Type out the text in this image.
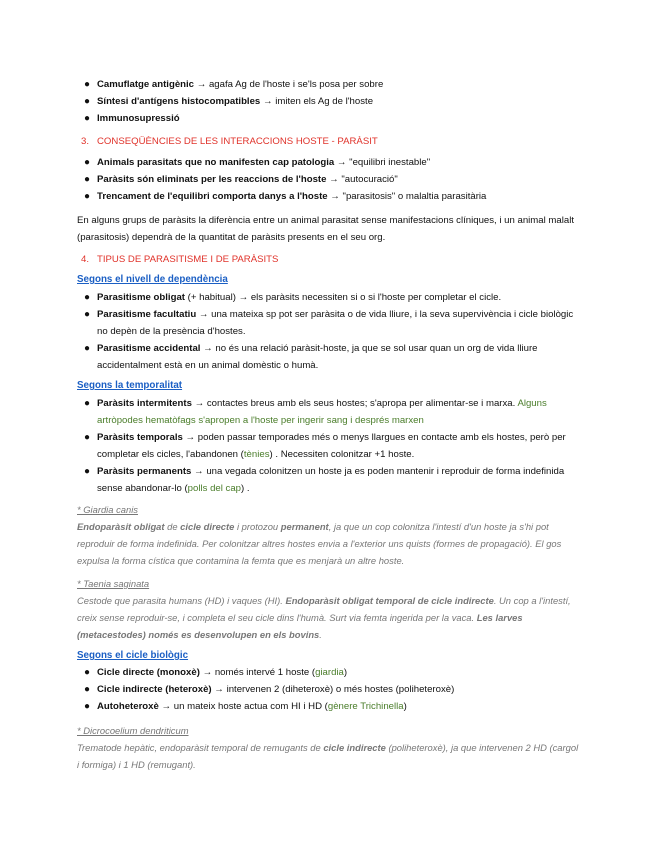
● Camuflatge antigènic → agafa Ag de l'hoste i se'ls posa per sobre

● Síntesi d'antígens histocompatibles → imiten els Ag de l'hoste

● Immunosupressió

3. CONSEQÜÈNCIES DE LES INTERACCIONS HOSTE - PARÀSIT
● Animals parasitats que no manifesten cap patologia → "equilibri inestable"

● Paràsits són eliminats per les reaccions de l'hoste → "autocuració"

● Trencament de l'equilibri comporta danys a l'hoste → "parasitosis" o malaltia parasitària

En alguns grups de paràsits la diferència entre un animal parasitat sense manifestacions clíniques, i un animal malalt (parasitosis) dependrà de la quantitat de paràsits presents en el seu org.

4. TIPUS DE PARASITISME I DE PARÀSITS
Segons el nivell de dependència
● Parasitisme obligat (+ habitual) → els paràsits necessiten si o si l'hoste per completar el cicle.

● Parasitisme facultatiu → una mateixa sp pot ser paràsita o de vida lliure, i la seva supervivència i cicle biològic no depèn de la presència d'hostes.

● Parasitisme accidental → no és una relació paràsit-hoste, ja que se sol usar quan un org de vida lliure accidentalment està en un animal domèstic o humà.

Segons la temporalitat
● Paràsits intermitents → contactes breus amb els seus hostes; s'apropa per alimentar-se i marxa. Alguns artròpodes hematòfags s'apropen a l'hoste per ingerir sang i després marxen

● Paràsits temporals → poden passar temporades més o menys llargues en contacte amb els hostes, però per completar els cicles, l'abandonen (tènies) . Necessiten colonitzar +1 hoste.

● Paràsits permanents → una vegada colonitzen un hoste ja es poden mantenir i reproduir de forma indefinida sense abandonar-lo (polls del cap) .

* Giardia canis
Endoparàsit obligat de cicle directe i protozou permanent, ja que un cop colonitza l'intestí d'un hoste ja s'hi pot reproduir de forma indefinida. Per colonitzar altres hostes envia a l'exterior uns quists (formes de propagació). El gos expulsa la forma cística que contamina la femta que es menjarà un altre hoste.
* Taenia saginata
Cestode que parasita humans (HD) i vaques (HI). Endoparàsit obligat temporal de cicle indirecte. Un cop a l'intestí, creix sense reproduir-se, i completa el seu cicle dins l'humà. Surt via femta ingerida per la vaca. Les larves (metacestodes) només es desenvolupen en els bovins.
Segons el cicle biològic
● Cicle directe (monoxè) → només intervé 1 hoste (giardia)

● Cicle indirecte (heteroxè) → intervenen 2 (diheteroxè) o més hostes (poliheteroxè)

● Autoheteroxè → un mateix hoste actua com HI i HD (gènere Trichinella)

* Dicrocoelium dendriticum
Trematode hepàtic, endoparàsit temporal de remugants de cicle indirecte (poliheteroxè), ja que intervenen 2 HD (cargol i formiga) i 1 HD (remugant).
